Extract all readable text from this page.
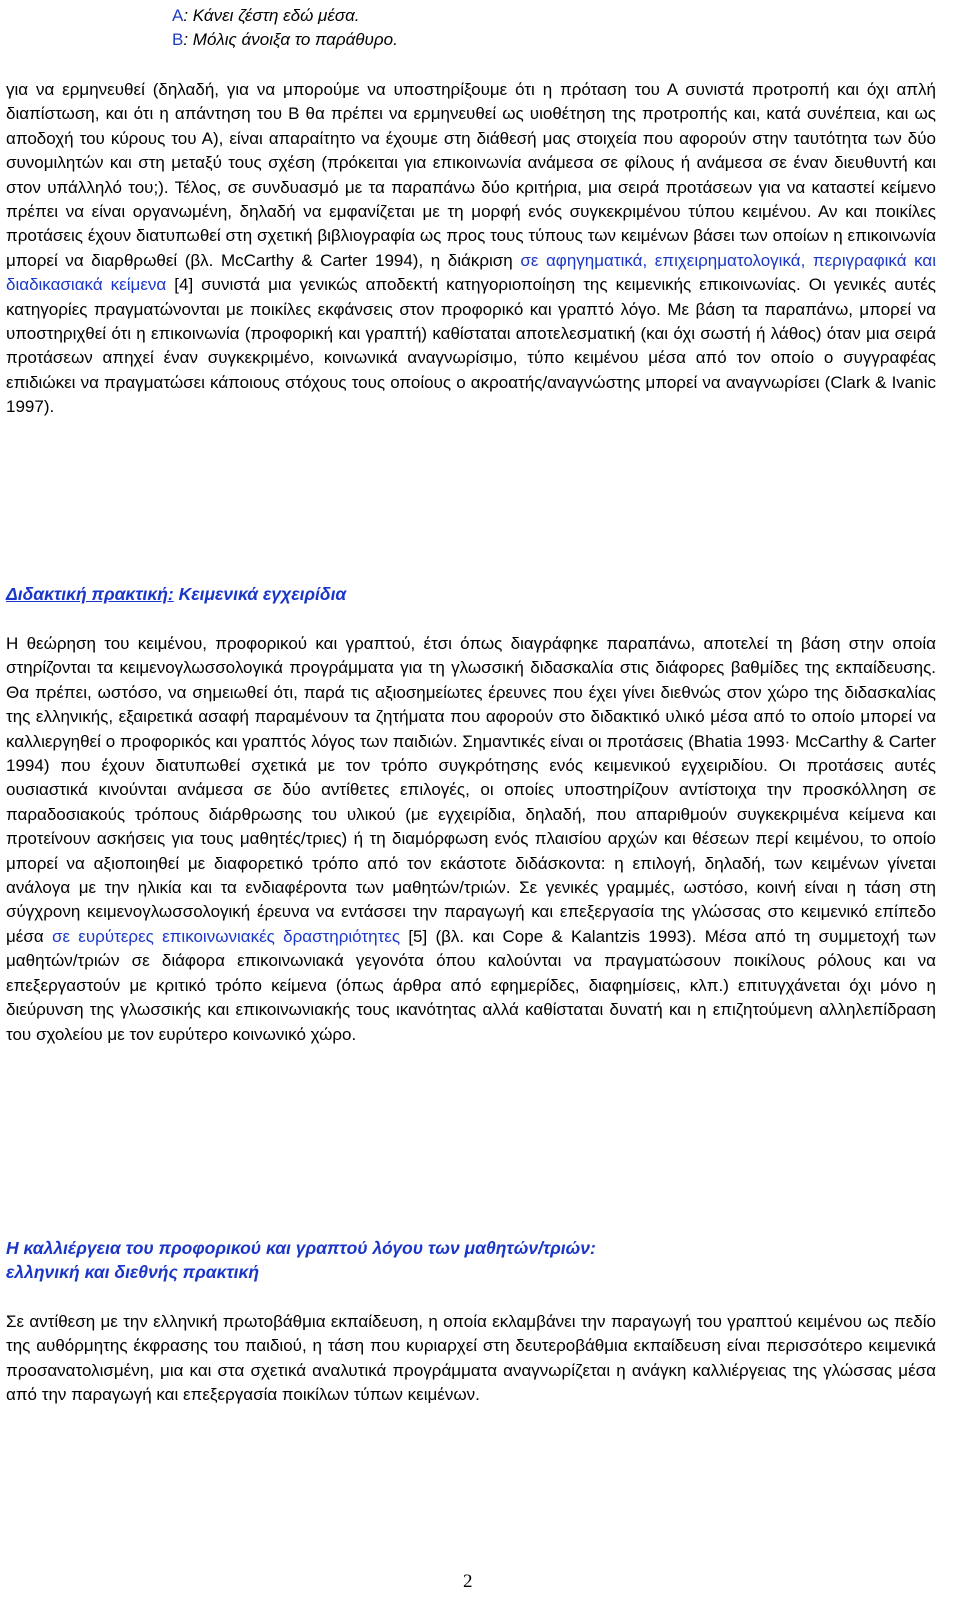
A: Κάνει ζέστη εδώ μέσα.
B: Μόλις άνοιξα το παράθυρο.
για να ερμηνευθεί (δηλαδή, για να μπορούμε να υποστηρίξουμε ότι η πρόταση του Α συνιστά προτροπή και όχι απλή διαπίστωση, και ότι η απάντηση του Β θα πρέπει να ερμηνευθεί ως υιοθέτηση της προτροπής και, κατά συνέπεια, και ως αποδοχή του κύρους του Α), είναι απαραίτητο να έχουμε στη διάθεσή μας στοιχεία που αφορούν στην ταυτότητα των δύο συνομιλητών και στη μεταξύ τους σχέση (πρόκειται για επικοινωνία ανάμεσα σε φίλους ή ανάμεσα σε έναν διευθυντή και στον υπάλληλό του;). Τέλος, σε συνδυασμό με τα παραπάνω δύο κριτήρια, μια σειρά προτάσεων για να καταστεί κείμενο πρέπει να είναι οργανωμένη, δηλαδή να εμφανίζεται με τη μορφή ενός συγκεκριμένου τύπου κειμένου. Αν και ποικίλες προτάσεις έχουν διατυπωθεί στη σχετική βιβλιογραφία ως προς τους τύπους των κειμένων βάσει των οποίων η επικοινωνία μπορεί να διαρθρωθεί (βλ. McCarthy & Carter 1994), η διάκριση σε αφηγηματικά, επιχειρηματολογικά, περιγραφικά και διαδικασιακά κείμενα [4] συνιστά μια γενικώς αποδεκτή κατηγοριοποίηση της κειμενικής επικοινωνίας. Οι γενικές αυτές κατηγορίες πραγματώνονται με ποικίλες εκφάνσεις στον προφορικό και γραπτό λόγο. Με βάση τα παραπάνω, μπορεί να υποστηριχθεί ότι η επικοινωνία (προφορική και γραπτή) καθίσταται αποτελεσματική (και όχι σωστή ή λάθος) όταν μια σειρά προτάσεων απηχεί έναν συγκεκριμένο, κοινωνικά αναγνωρίσιμο, τύπο κειμένου μέσα από τον οποίο ο συγγραφέας επιδιώκει να πραγματώσει κάποιους στόχους τους οποίους ο ακροατής/αναγνώστης μπορεί να αναγνωρίσει (Clark & Ivanic 1997).
Διδακτική πρακτική: Κειμενικά εγχειρίδια
Η θεώρηση του κειμένου, προφορικού και γραπτού, έτσι όπως διαγράφηκε παραπάνω, αποτελεί τη βάση στην οποία στηρίζονται τα κειμενογλωσσολογικά προγράμματα για τη γλωσσική διδασκαλία στις διάφορες βαθμίδες της εκπαίδευσης. Θα πρέπει, ωστόσο, να σημειωθεί ότι, παρά τις αξιοσημείωτες έρευνες που έχει γίνει διεθνώς στον χώρο της διδασκαλίας της ελληνικής, εξαιρετικά ασαφή παραμένουν τα ζητήματα που αφορούν στο διδακτικό υλικό μέσα από το οποίο μπορεί να καλλιεργηθεί ο προφορικός και γραπτός λόγος των παιδιών. Σημαντικές είναι οι προτάσεις (Bhatia 1993· McCarthy & Carter 1994) που έχουν διατυπωθεί σχετικά με τον τρόπο συγκρότησης ενός κειμενικού εγχειριδίου. Οι προτάσεις αυτές ουσιαστικά κινούνται ανάμεσα σε δύο αντίθετες επιλογές, οι οποίες υποστηρίζουν αντίστοιχα την προσκόλληση σε παραδοσιακούς τρόπους διάρθρωσης του υλικού (με εγχειρίδια, δηλαδή, που απαριθμούν συγκεκριμένα κείμενα και προτείνουν ασκήσεις για τους μαθητές/τριες) ή τη διαμόρφωση ενός πλαισίου αρχών και θέσεων περί κειμένου, το οποίο μπορεί να αξιοποιηθεί με διαφορετικό τρόπο από τον εκάστοτε διδάσκοντα: η επιλογή, δηλαδή, των κειμένων γίνεται ανάλογα με την ηλικία και τα ενδιαφέροντα των μαθητών/τριών. Σε γενικές γραμμές, ωστόσο, κοινή είναι η τάση στη σύγχρονη κειμενογλωσσολογική έρευνα να εντάσσει την παραγωγή και επεξεργασία της γλώσσας στο κειμενικό επίπεδο μέσα σε ευρύτερες επικοινωνιακές δραστηριότητες [5] (βλ. και Cope & Kalantzis 1993). Μέσα από τη συμμετοχή των μαθητών/τριών σε διάφορα επικοινωνιακά γεγονότα όπου καλούνται να πραγματώσουν ποικίλους ρόλους και να επεξεργαστούν με κριτικό τρόπο κείμενα (όπως άρθρα από εφημερίδες, διαφημίσεις, κλπ.) επιτυγχάνεται όχι μόνο η διεύρυνση της γλωσσικής και επικοινωνιακής τους ικανότητας αλλά καθίσταται δυνατή και η επιζητούμενη αλληλεπίδραση του σχολείου με τον ευρύτερο κοινωνικό χώρο.
Η καλλιέργεια του προφορικού και γραπτού λόγου των μαθητών/τριών:
ελληνική και διεθνής πρακτική
Σε αντίθεση με την ελληνική πρωτοβάθμια εκπαίδευση, η οποία εκλαμβάνει την παραγωγή του γραπτού κειμένου ως πεδίο της αυθόρμητης έκφρασης του παιδιού, η τάση που κυριαρχεί στη δευτεροβάθμια εκπαίδευση είναι περισσότερο κειμενικά προσανατολισμένη, μια και στα σχετικά αναλυτικά προγράμματα αναγνωρίζεται η ανάγκη καλλιέργειας της γλώσσας μέσα από την παραγωγή και επεξεργασία ποικίλων τύπων κειμένων.
2
